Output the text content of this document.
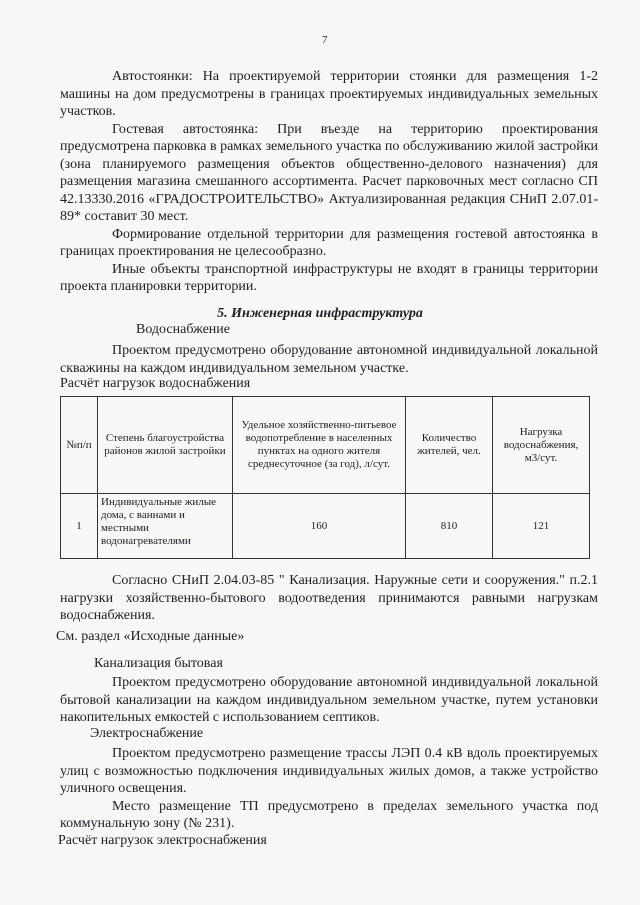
7

Автостоянки: На проектируемой территории стоянки для размещения 1-2 машины на дом предусмотрены в границах проектируемых индивидуальных земельных участков.

Гостевая автостоянка: При въезде на территорию проектирования предусмотрена парковка в рамках земельного участка по обслуживанию жилой застройки (зона планируемого размещения объектов общественно-делового назначения) для размещения магазина смешанного ассортимента. Расчет парковочных мест согласно СП 42.13330.2016 «ГРАДОСТРОИТЕЛЬСТВО» Актуализированная редакция СНиП 2.07.01-89* составит 30 мест.

Формирование отдельной территории для размещения гостевой автостоянка в границах проектирования не целесообразно.

Иные объекты транспортной инфраструктуры не входят в границы территории проекта планировки территории.

5. Инженерная инфраструктура
Водоснабжение

Проектом предусмотрено оборудование автономной индивидуальной локальной скважины на каждом индивидуальном земельном участке.

Расчёт нагрузок водоснабжения
№п/п	Степень благоустройства районов жилой застройки	Удельное хозяйственно-питьевое водопотребление в населенных пунктах на одного жителя среднесуточное (за год), л/сут.	Количество жителей, чел.	Нагрузка водоснабжения, м3/сут.
1	Индивидуальные жилые дома, с ваннами и местными водонагревателями	160	810	121

Согласно СНиП 2.04.03-85 " Канализация. Наружные сети и сооружения." п.2.1 нагрузки хозяйственно-бытового водоотведения принимаются равными нагрузкам водоснабжения.

См. раздел «Исходные данные»
Канализация бытовая

Проектом предусмотрено оборудование автономной индивидуальной локальной бытовой канализации на каждом индивидуальном земельном участке, путем установки накопительных емкостей с использованием септиков.

Электроснабжение

Проектом предусмотрено размещение трассы ЛЭП 0.4 кВ вдоль проектируемых улиц с возможностью подключения индивидуальных жилых домов, а также устройство уличного освещения.

Место размещение ТП предусмотрено в пределах земельного участка под коммунальную зону (№ 231).

Расчёт нагрузок электроснабжения
